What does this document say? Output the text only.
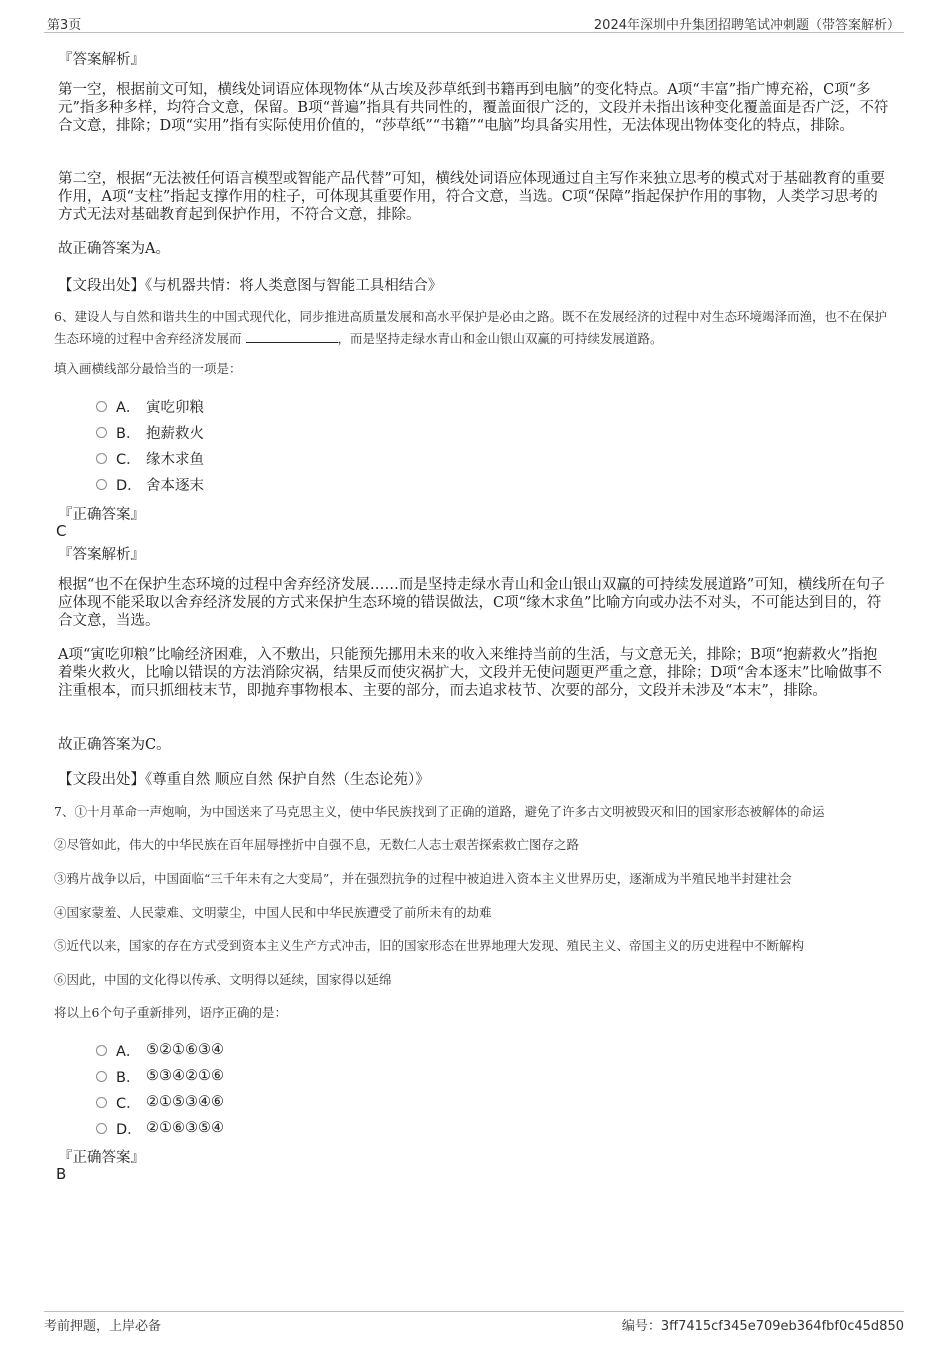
第3页	2024年深圳中升集团招聘笔试冲刺题（带答案解析）
『答案解析』
第一空，根据前文可知，横线处词语应体现物体“从古埃及莎草纸到书籍再到电脑”的变化特点。A项“丰富”指广博充裕，C项“多元”指多种多样，均符合文意，保留。B项“普遍”指具有共同性的，覆盖面很广泛的，文段并未指出该种变化覆盖面是否广泛，不符合文意，排除；D项“实用”指有实际使用价值的，“莎草纸”“书籍”“电脑”均具备实用性，无法体现出物体变化的特点，排除。
第二空，根据“无法被任何语言模型或智能产品代替”可知，横线处词语应体现通过自主写作来独立思考的模式对于基础教育的重要作用，A项“支柱”指起支撑作用的柱子，可体现其重要作用，符合文意，当选。C项“保障”指起保护作用的事物，人类学习思考的方式无法对基础教育起到保护作用，不符合文意，排除。
故正确答案为A。
【文段出处】《与机器共情：将人类意图与智能工具相结合》
6、建设人与自然和谐共生的中国式现代化，同步推进高质量发展和高水平保护是必由之路。既不在发展经济的过程中对生态环境竭泽而渔，也不在保护生态环境的过程中舍弃经济发展而	，而是坚持走绿水青山和金山银山双赢的可持续发展道路。
填入画横线部分最恰当的一项是：
A． 寅吃卯粮
B． 抱薪救火
C． 缘木求鱼
D． 舍本逐末
『正确答案』
C
『答案解析』
根据“也不在保护生态环境的过程中舍弃经济发展……而是坚持走绿水青山和金山银山双赢的可持续发展道路”可知，横线所在句子应体现不能采取以舍弃经济发展的方式来保护生态环境的错误做法，C项“缘木求鱼”比喻方向或办法不对头，不可能达到目的，符合文意，当选。
A项“寅吃卯粮”比喻经济困难，入不敷出，只能预先挪用未来的收入来维持当前的生活，与文意无关，排除；B项“抱薪救火”指抱着柴火救火，比喻以错误的方法消除灾祸，结果反而使灾祸扩大，文段并无使问题更严重之意，排除；D项“舍本逐末”比喻做事不注重根本，而只抓细枝末节，即抛弃事物根本、主要的部分，而去追求枝节、次要的部分，文段并未涉及“本末”，排除。
故正确答案为C。
【文段出处】《尊重自然 顺应自然 保护自然（生态论苑）》
7、①十月革命一声炮响，为中国送来了马克思主义，使中华民族找到了正确的道路，避免了许多古文明被毁灭和旧的国家形态被解体的命运
②尽管如此，伟大的中华民族在百年屈辱挫折中自强不息，无数仁人志士艰苦探索救亡图存之路
③鸦片战争以后，中国面临“三千年未有之大变局”，并在强烈抗争的过程中被迫进入资本主义世界历史，逐渐成为半殖民地半封建社会
④国家蒙羞、人民蒙难、文明蒙尘，中国人民和中华民族遭受了前所未有的劫难
⑤近代以来，国家的存在方式受到资本主义生产方式冲击，旧的国家形态在世界地理大发现、殖民主义、帝国主义的历史进程中不断解构
⑥因此，中国的文化得以传承、文明得以延续，国家得以延绵
将以上6个句子重新排列，语序正确的是：
A． ⑤②①⑥③④
B． ⑤③④②①⑥
C． ②①⑤③④⑥
D． ②①⑥③⑤④
『正确答案』
B
考前押题，上岸必备	编号：3ff7415cf345e709eb364fbf0c45d850
